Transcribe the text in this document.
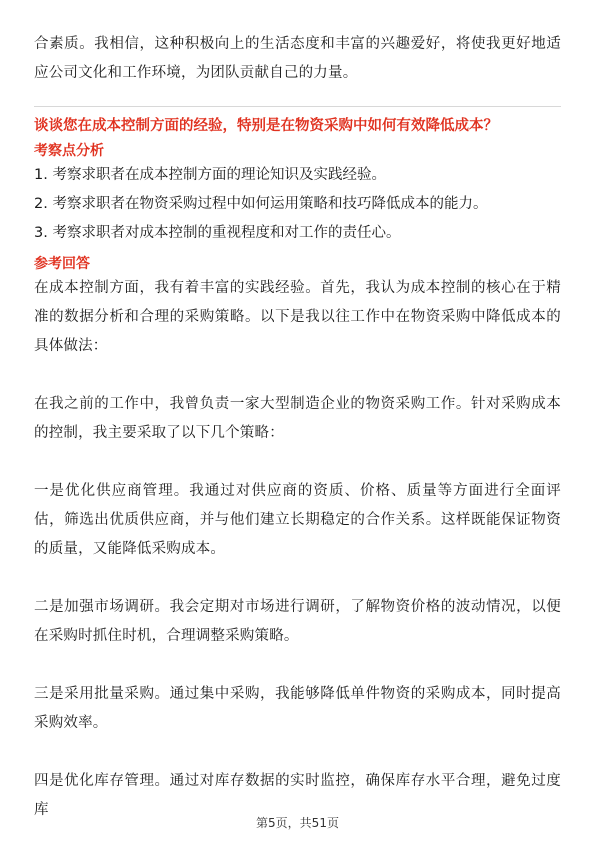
合素质。我相信，这种积极向上的生活态度和丰富的兴趣爱好，将使我更好地适应公司文化和工作环境，为团队贡献自己的力量。

谈谈您在成本控制方面的经验，特别是在物资采购中如何有效降低成本？

考察点分析

1. 考察求职者在成本控制方面的理论知识及实践经验。
2. 考察求职者在物资采购过程中如何运用策略和技巧降低成本的能力。
3. 考察求职者对成本控制的重视程度和对工作的责任心。

参考回答

在成本控制方面，我有着丰富的实践经验。首先，我认为成本控制的核心在于精准的数据分析和合理的采购策略。以下是我以往工作中在物资采购中降低成本的具体做法：

在我之前的工作中，我曾负责一家大型制造企业的物资采购工作。针对采购成本的控制，我主要采取了以下几个策略：

一是优化供应商管理。我通过对供应商的资质、价格、质量等方面进行全面评估，筛选出优质供应商，并与他们建立长期稳定的合作关系。这样既能保证物资的质量，又能降低采购成本。

二是加强市场调研。我会定期对市场进行调研，了解物资价格的波动情况，以便在采购时抓住时机，合理调整采购策略。

三是采用批量采购。通过集中采购，我能够降低单件物资的采购成本，同时提高采购效率。

四是优化库存管理。通过对库存数据的实时监控，确保库存水平合理，避免过度库

第5页，共51页
